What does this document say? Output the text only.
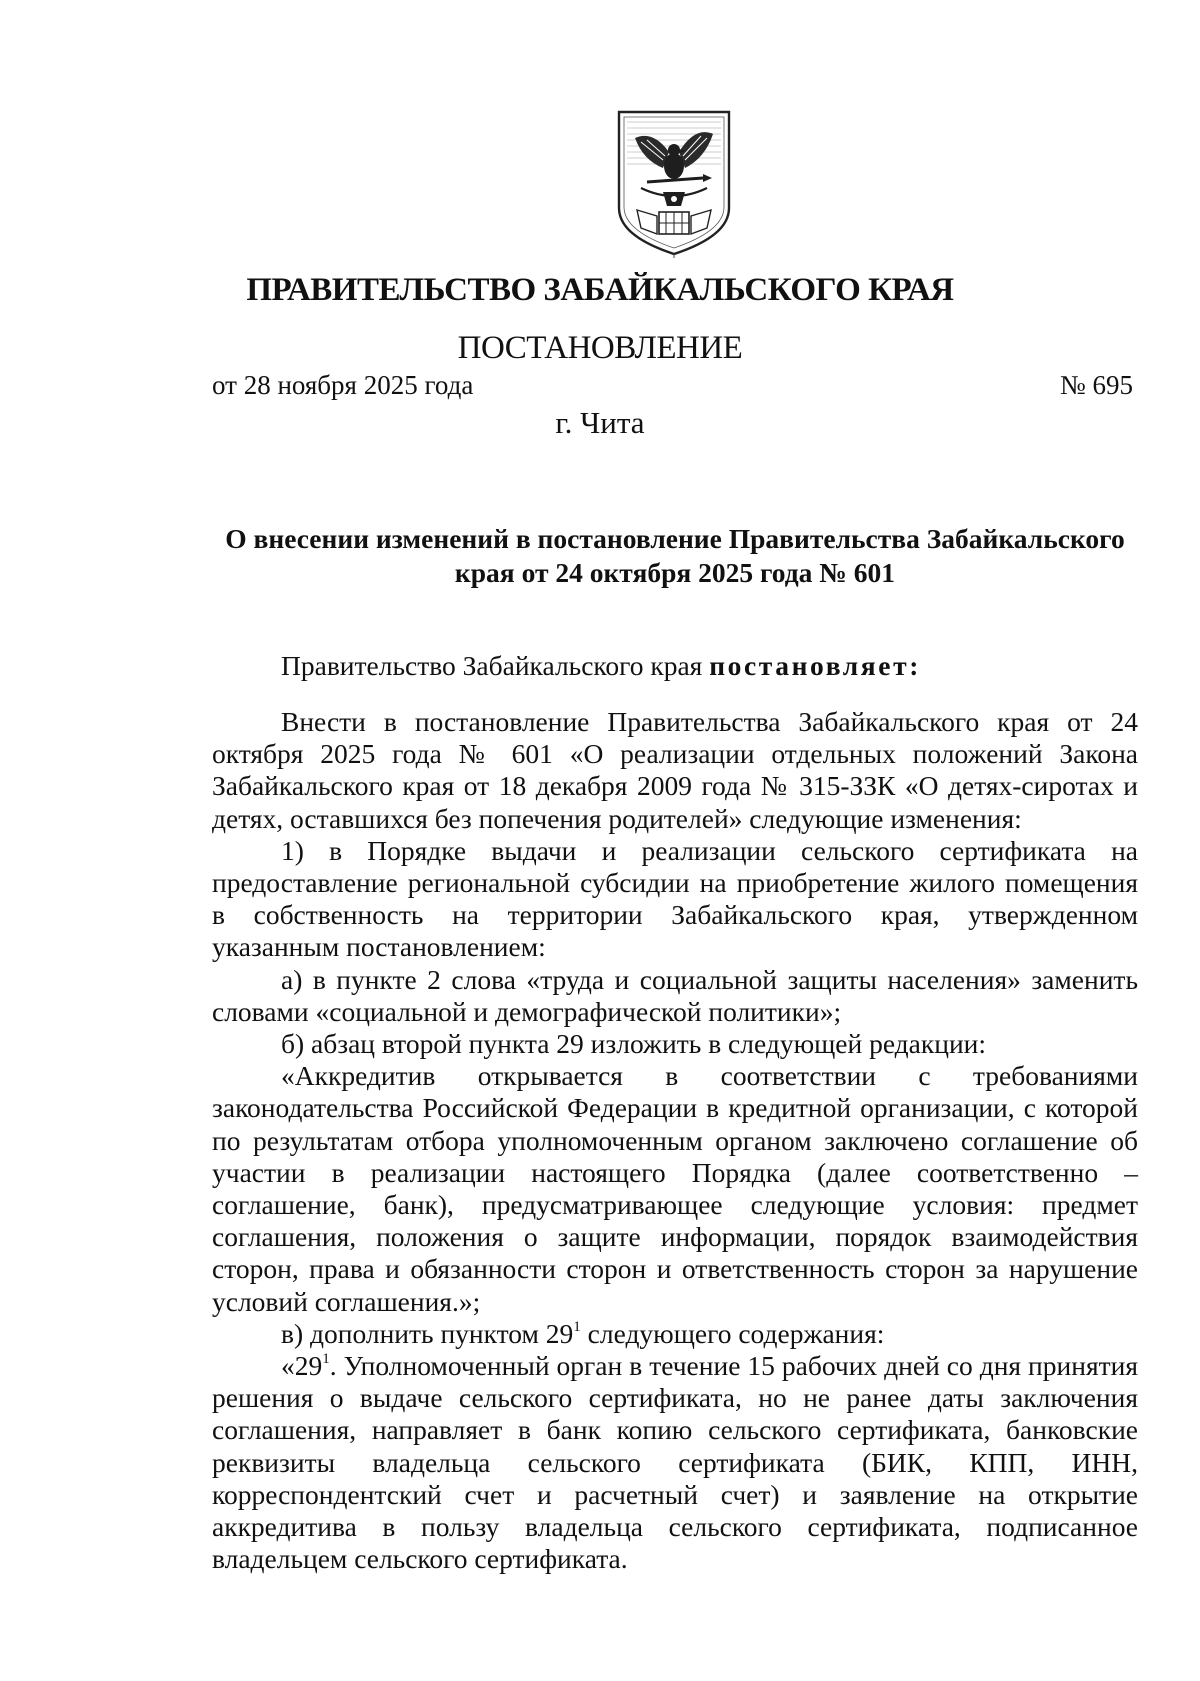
ПРАВИТЕЛЬСТВО ЗАБАЙКАЛЬСКОГО КРАЯ
ПОСТАНОВЛЕНИЕ
от 28 ноября 2025 года	№ 695
г. Чита
О внесении изменений в постановление Правительства Забайкальского края от 24 октября 2025 года № 601
Правительство Забайкальского края постановляет:

Внести в постановление Правительства Забайкальского края от 24 октября 2025 года № 601 «О реализации отдельных положений Закона Забайкальского края от 18 декабря 2009 года № 315-ЗЗК «О детях-сиротах и детях, оставшихся без попечения родителей» следующие изменения:

1) в Порядке выдачи и реализации сельского сертификата на предоставление региональной субсидии на приобретение жилого помещения в собственность на территории Забайкальского края, утвержденном указанным постановлением:

а) в пункте 2 слова «труда и социальной защиты населения» заменить словами «социальной и демографической политики»;

б) абзац второй пункта 29 изложить в следующей редакции:

«Аккредитив открывается в соответствии с требованиями законодательства Российской Федерации в кредитной организации, с которой по результатам отбора уполномоченным органом заключено соглашение об участии в реализации настоящего Порядка (далее соответственно – соглашение, банк), предусматривающее следующие условия: предмет соглашения, положения о защите информации, порядок взаимодействия сторон, права и обязанности сторон и ответственность сторон за нарушение условий соглашения.»;

в) дополнить пунктом $29^1$ следующего содержания:

«$29^1$. Уполномоченный орган в течение 15 рабочих дней со дня принятия решения о выдаче сельского сертификата, но не ранее даты заключения соглашения, направляет в банк копию сельского сертификата, банковские реквизиты владельца сельского сертификата (БИК, КПП, ИНН, корреспондентский счет и расчетный счет) и заявление на открытие аккредитива в пользу владельца сельского сертификата, подписанное владельцем сельского сертификата.
